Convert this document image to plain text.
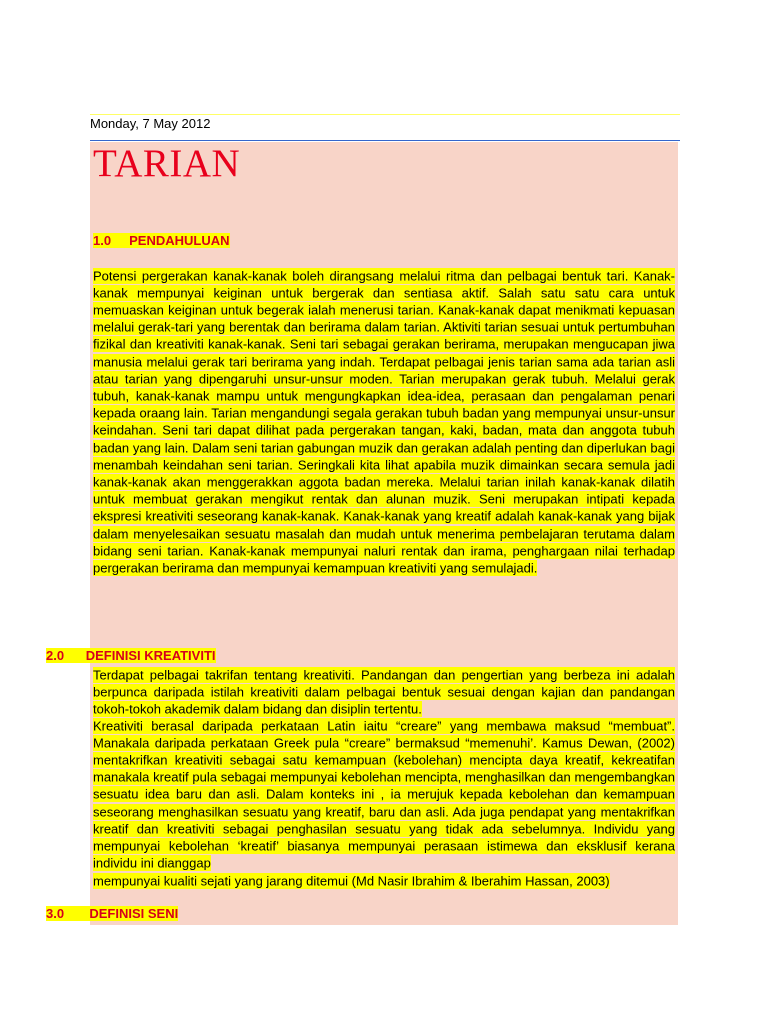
Monday, 7 May 2012
TARIAN
1.0     PENDAHULUAN
Potensi pergerakan kanak-kanak boleh dirangsang melalui ritma dan pelbagai bentuk tari. Kanak-kanak mempunyai keiginan untuk bergerak dan sentiasa aktif. Salah satu satu cara untuk memuaskan keiginan untuk begerak ialah menerusi tarian. Kanak-kanak dapat menikmati kepuasan melalui gerak-tari yang berentak dan berirama dalam tarian. Aktiviti tarian sesuai untuk pertumbuhan fizikal dan kreativiti kanak-kanak. Seni tari sebagai gerakan berirama, merupakan mengucapan jiwa manusia melalui gerak tari berirama yang indah. Terdapat pelbagai jenis tarian sama ada tarian asli atau tarian yang dipengaruhi unsur-unsur moden. Tarian merupakan gerak tubuh. Melalui gerak tubuh, kanak-kanak mampu untuk mengungkapkan idea-idea, perasaan dan pengalaman penari kepada oraang lain. Tarian mengandungi segala gerakan tubuh badan yang mempunyai unsur-unsur keindahan. Seni tari dapat dilihat pada pergerakan tangan, kaki, badan, mata dan anggota tubuh badan yang lain. Dalam seni tarian gabungan muzik dan gerakan adalah penting dan diperlukan bagi menambah keindahan seni tarian. Seringkali kita lihat apabila muzik dimainkan secara semula jadi kanak-kanak akan menggerakkan aggota badan mereka. Melalui tarian inilah kanak-kanak dilatih untuk membuat gerakan mengikut rentak dan alunan muzik. Seni merupakan intipati kepada ekspresi kreativiti seseorang kanak-kanak. Kanak-kanak yang kreatif adalah kanak-kanak yang bijak dalam menyelesaikan sesuatu masalah dan mudah untuk menerima pembelajaran terutama dalam bidang seni tarian. Kanak-kanak mempunyai naluri rentak dan irama, penghargaan nilai terhadap pergerakan berirama dan mempunyai kemampuan kreativiti yang semulajadi.
2.0      DEFINISI KREATIVITI
Terdapat pelbagai takrifan tentang kreativiti. Pandangan dan pengertian yang berbeza ini adalah berpunca daripada istilah kreativiti dalam pelbagai bentuk sesuai dengan kajian dan pandangan tokoh-tokoh akademik dalam bidang dan disiplin tertentu.
Kreativiti berasal daripada perkataan Latin iaitu “creare” yang membawa maksud “membuat”. Manakala daripada perkataan Greek pula “creare” bermaksud “memenuhi’. Kamus Dewan, (2002) mentakrifkan kreativiti sebagai satu kemampuan (kebolehan) mencipta daya kreatif, kekreatifan manakala kreatif pula sebagai mempunyai kebolehan mencipta, menghasilkan dan mengembangkan sesuatu idea baru dan asli. Dalam konteks ini , ia merujuk kepada kebolehan dan kemampuan seseorang menghasilkan sesuatu yang kreatif, baru dan asli. Ada juga pendapat yang mentakrifkan kreatif dan kreativiti sebagai penghasilan sesuatu yang tidak ada sebelumnya. Individu yang mempunyai kebolehan ‘kreatif’ biasanya mempunyai perasaan istimewa dan eksklusif kerana individu ini dianggap
mempunyai kualiti sejati yang jarang ditemui (Md Nasir Ibrahim & Iberahim Hassan, 2003)
3.0       DEFINISI SENI
